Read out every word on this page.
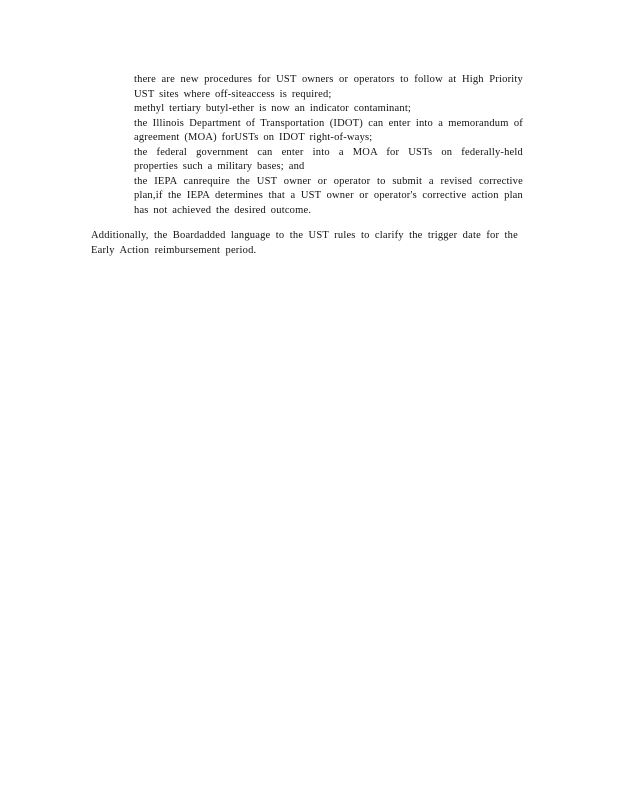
there are new procedures for UST owners or operators to follow at High Priority UST sites where off-siteaccess is required;
methyl tertiary butyl-ether is now an indicator contaminant;
the Illinois Department of Transportation (IDOT) can enter into a memorandum of agreement (MOA) forUSTs on IDOT right-of-ways;
the federal government can enter into a MOA for USTs on federally-held properties such a military bases; and
the IEPA canrequire the UST owner or operator to submit a revised corrective plan,if the IEPA determines that a UST owner or operator's corrective action plan has not achieved the desired outcome.

Additionally, the Boardadded language to the UST rules to clarify the trigger date for the Early Action reimbursement period.
